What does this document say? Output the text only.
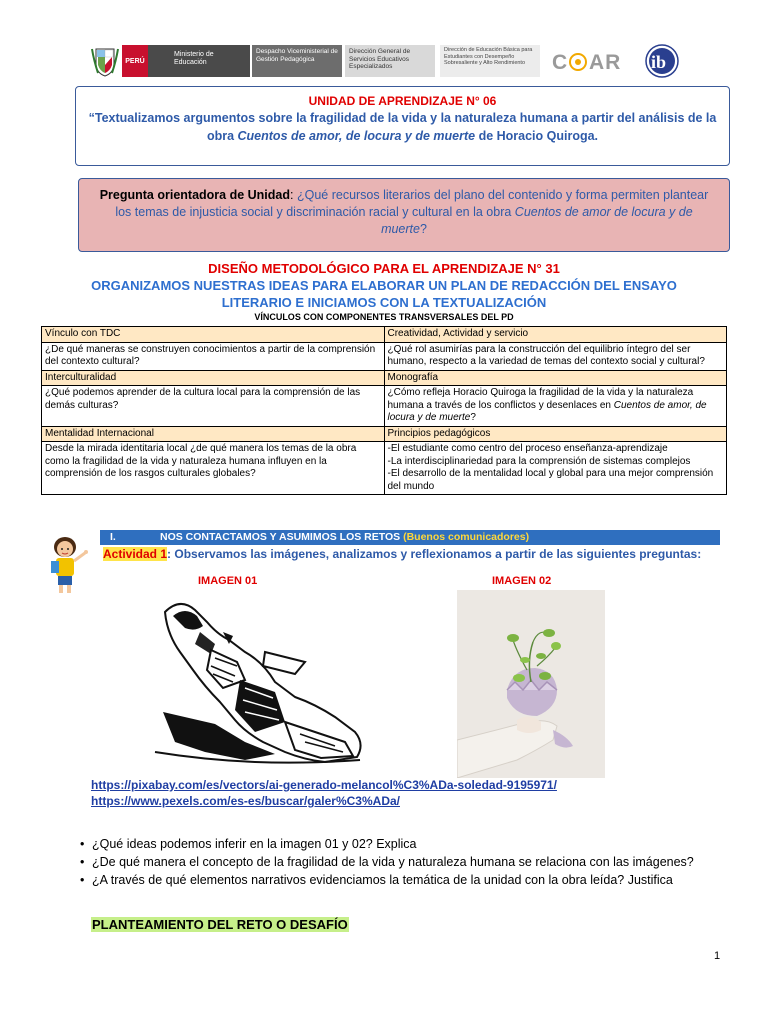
PERÚ
Ministerio de Educación
Despacho Viceministerial de Gestión Pedagógica
Dirección General de Servicios Educativos Especializados
Dirección de Educación Básica para Estudiantes con Desempeño Sobresaliente y Alto Rendimiento	C AR ib
UNIDAD DE APRENDIZAJE N° 06
“Textualizamos argumentos sobre la fragilidad de la vida y la naturaleza humana a partir del análisis de la obra Cuentos de amor, de locura y de muerte de Horacio Quiroga.
Pregunta orientadora de Unidad: ¿Qué recursos literarios del plano del contenido y forma permiten plantear los temas de injusticia social y discriminación racial y cultural en la obra Cuentos de amor de locura y de muerte?
DISEÑO METODOLÓGICO PARA EL APRENDIZAJE N° 31
ORGANIZAMOS NUESTRAS IDEAS PARA ELABORAR UN PLAN DE REDACCIÓN DEL ENSAYO
LITERARIO E INICIAMOS CON LA TEXTUALIZACIÓN
VÍNCULOS CON COMPONENTES TRANSVERSALES DEL PD
Vínculo con TDC	Creatividad, Actividad y servicio
¿De qué maneras se construyen conocimientos a partir de la comprensión del contexto cultural?	¿Qué rol asumirías para la construcción del equilibrio íntegro del ser humano, respecto a la variedad de temas del contexto social y cultural?
Interculturalidad	Monografía
¿Qué podemos aprender de la cultura local para la comprensión de las demás culturas?	¿Cómo refleja Horacio Quiroga la fragilidad de la vida y la naturaleza humana a través de los conflictos y desenlaces en Cuentos de amor, de locura y de muerte?
Mentalidad Internacional	Principios pedagógicos
Desde la mirada identitaria local ¿de qué manera los temas de la obra como la fragilidad de la vida y naturaleza humana influyen en la comprensión de los rasgos culturales globales?	-El estudiante como centro del proceso enseñanza-aprendizaje
-La interdisciplinariedad para la comprensión de sistemas complejos
-El desarrollo de la mentalidad local y global para una mejor comprensión del mundo
I.	NOS CONTACTAMOS Y ASUMIMOS LOS RETOS (Buenos comunicadores)
Actividad 1: Observamos las imágenes, analizamos y reflexionamos a partir de las siguientes preguntas:
IMAGEN 01	IMAGEN 02
https://pixabay.com/es/vectors/ai-generado-melancol%C3%ADa-soledad-9195971/
https://www.pexels.com/es-es/buscar/galer%C3%ADa/
• ¿Qué ideas podemos inferir en la imagen 01 y 02? Explica
• ¿De qué manera el concepto de la fragilidad de la vida y naturaleza humana se relaciona con las imágenes?
• ¿A través de qué elementos narrativos evidenciamos la temática de la unidad con la obra leída? Justifica
PLANTEAMIENTO DEL RETO O DESAFÍO
1
